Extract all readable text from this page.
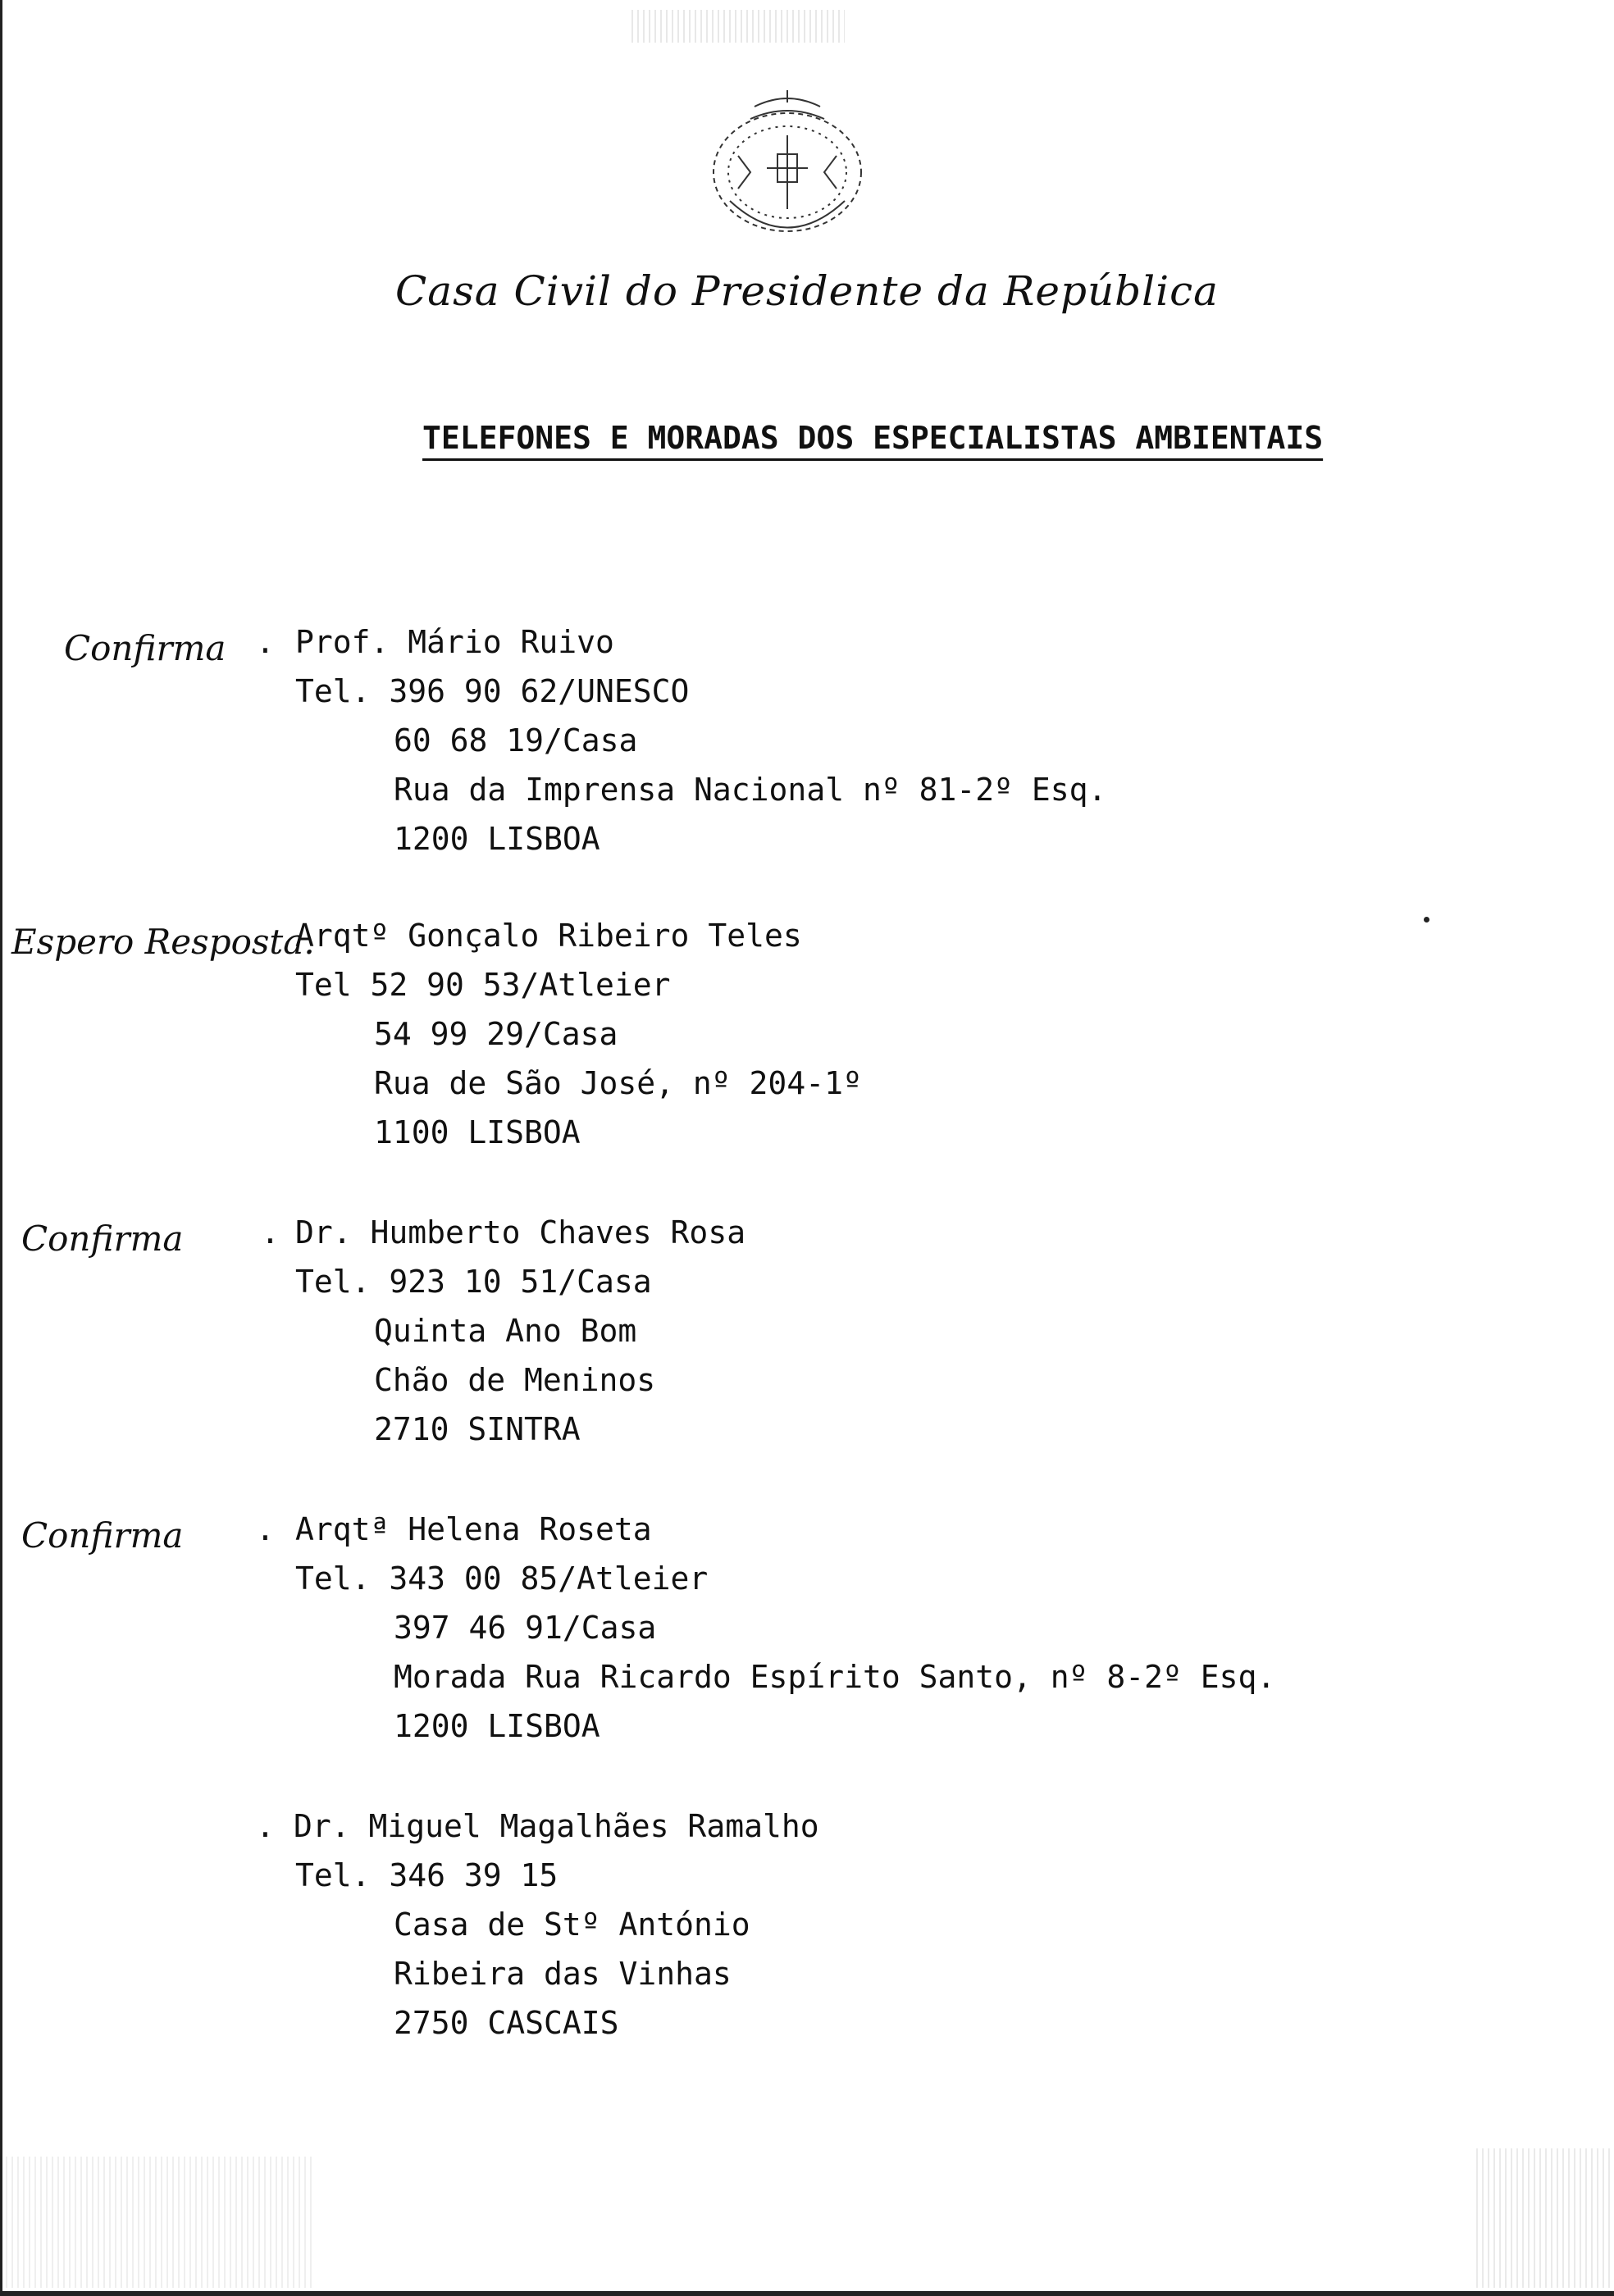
Casa Civil do Presidente da República
TELEFONES E MORADAS DOS ESPECIALISTAS AMBIENTAIS
Confirma . Prof. Mário Ruivo
Tel. 396 90 62/UNESCO
60 68 19/Casa
Rua da Imprensa Nacional nº 81-2º Esq.
1200 LISBOA
Espero Resposta.
Arqtº Gonçalo Ribeiro Teles
Tel 52 90 53/Atleier
54 99 29/Casa
Rua de São José, nº 204-1º
1100 LISBOA
Confirma . Dr. Humberto Chaves Rosa
Tel. 923 10 51/Casa
Quinta Ano Bom
Chão de Meninos
2710 SINTRA
Confirma . Arqtª Helena Roseta
Tel. 343 00 85/Atleier
397 46 91/Casa
Morada Rua Ricardo Espírito Santo, nº 8-2º Esq.
1200 LISBOA
. Dr. Miguel Magalhães Ramalho
Tel. 346 39 15
Casa de Stº António
Ribeira das Vinhas
2750 CASCAIS
